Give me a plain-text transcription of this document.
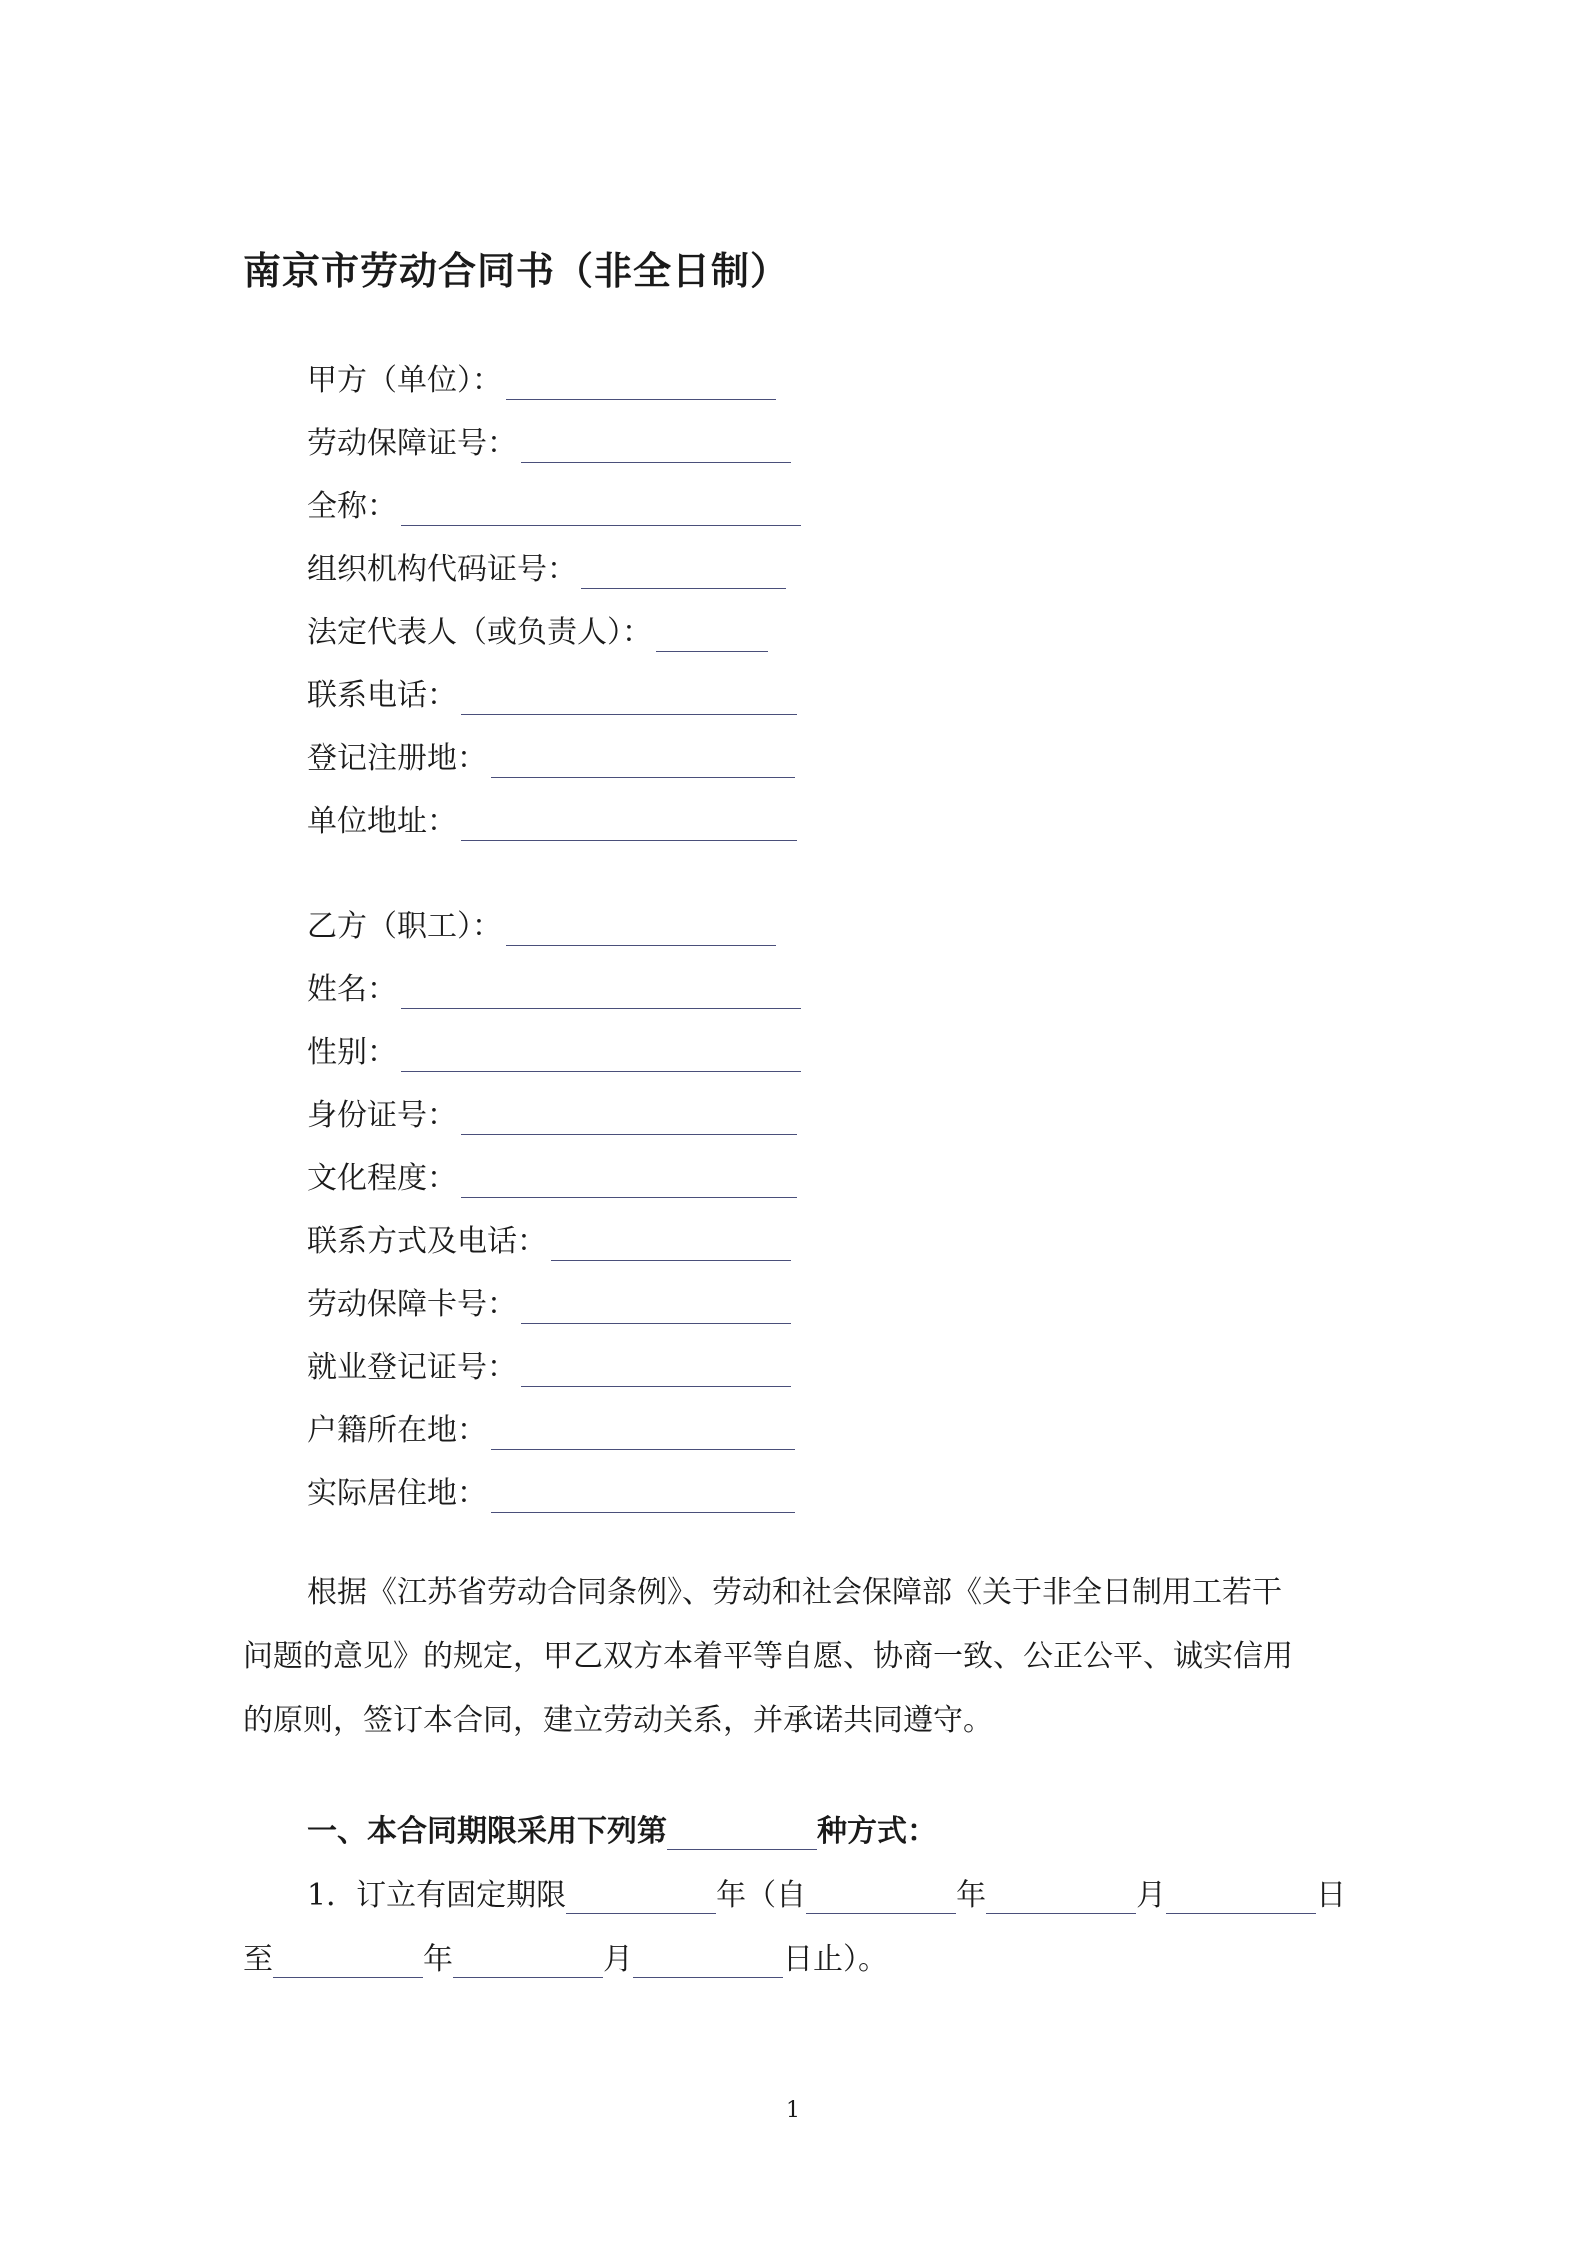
南京市劳动合同书（非全日制）
甲方（单位）：
劳动保障证号：
全称：
组织机构代码证号：
法定代表人（或负责人）：
联系电话：
登记注册地：
单位地址：
乙方（职工）：
姓名：
性别：
身份证号：
文化程度：
联系方式及电话：
劳动保障卡号：
就业登记证号：
户籍所在地：
实际居住地：
根据《江苏省劳动合同条例》、劳动和社会保障部《关于非全日制用工若干
问题的意见》的规定，甲乙双方本着平等自愿、协商一致、公正公平、诚实信用
的原则，签订本合同，建立劳动关系，并承诺共同遵守。
一、本合同期限采用下列第	种方式：
1．订立有固定期限	年 （自	年	月	日
至	年	月	日止）。
1
